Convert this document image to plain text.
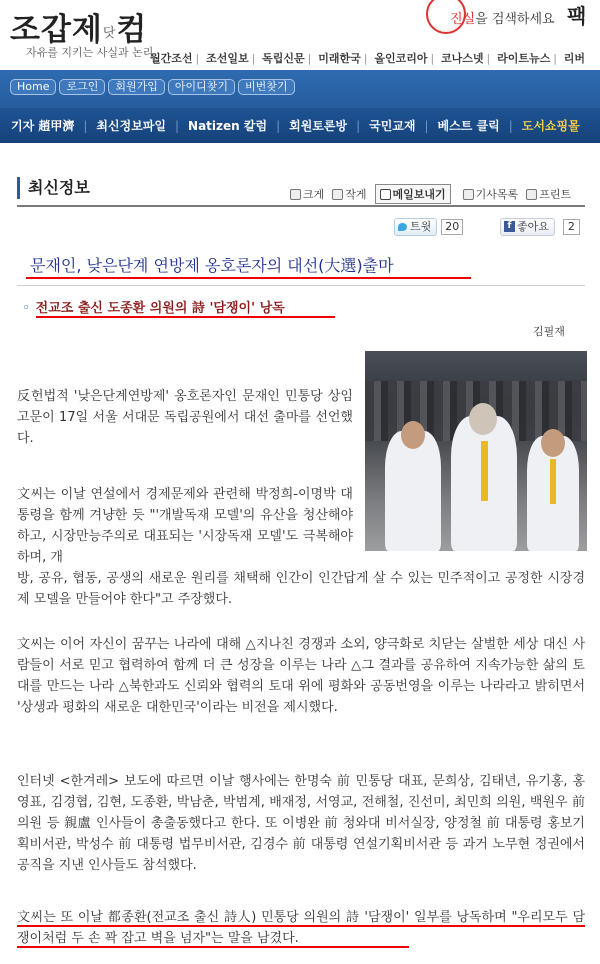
조갑제닷컴
자유를 지키는 사실과 논리
진실을 검색하세요 팩
월간조선 | 조선일보 | 독립신문 | 미래한국 | 올인코리아 | 코나스넷 | 라이트뉴스 | 리버
Home	로그인	회원가입	아이디찾기	비번찾기
기자 趙甲濟 | 최신정보파일 | Natizen 칼럼 | 회원토론방 | 국민교재 | 베스트 클릭 | 도서쇼핑몰
최신정보	크게 작게 메일보내기	기사목록 프린트
트윗	20
f	좋아요	2
문재인, 낮은단계 연방제 옹호론자의 대선(大選)출마
◦ 전교조 출신 도종환 의원의 詩 '담쟁이' 낭독
김필재
反헌법적 '낮은단계연방제' 옹호론자인 문재인 민통당 상임고문이 17일 서울 서대문 독립공원에서 대선 출마를 선언했다.
文씨는 이날 연설에서 경제문제와 관련해 박정희-이명박 대통령을 함께 겨냥한 듯 "'개발독재 모델'의 유산을 청산해야 하고, 시장만능주의로 대표되는 '시장독재 모델'도 극복해야하며, 개
방, 공유, 협동, 공생의 새로운 원리를 채택해 인간이 인간답게 살 수 있는 민주적이고 공정한 시장경제 모델을 만들어야 한다"고 주장했다.
文씨는 이어 자신이 꿈꾸는 나라에 대해 △지나친 경쟁과 소외, 양극화로 치닫는 살벌한 세상 대신 사람들이 서로 믿고 협력하여 함께 더 큰 성장을 이루는 나라 △그 결과를 공유하여 지속가능한 삶의 토대를 만드는 나라 △북한과도 신뢰와 협력의 토대 위에 평화와 공동번영을 이루는 나라라고 밝히면서 '상생과 평화의 새로운 대한민국'이라는 비전을 제시했다.
인터넷 <한겨레> 보도에 따르면 이날 행사에는 한명숙 前 민통당 대표, 문희상, 김태년, 유기홍, 홍영표, 김경협, 김현, 도종환, 박남춘, 박범계, 배재정, 서영교, 전해철, 진선미, 최민희 의원, 백원우 前 의원 등 親盧 인사들이 총출동했다고 한다. 또 이병완 前 청와대 비서실장, 양정철 前 대통령 홍보기획비서관, 박성수 前 대통령 법무비서관, 김경수 前 대통령 연설기획비서관 등 과거 노무현 정권에서 공직을 지낸 인사들도 참석했다.
文씨는 또 이날 都종환(전교조 출신 詩人) 민통당 의원의 詩 '담쟁이' 일부를 낭독하며 "우리모두 담쟁이처럼 두 손 꽉 잡고 벽을 넘자"는 말을 남겼다.
